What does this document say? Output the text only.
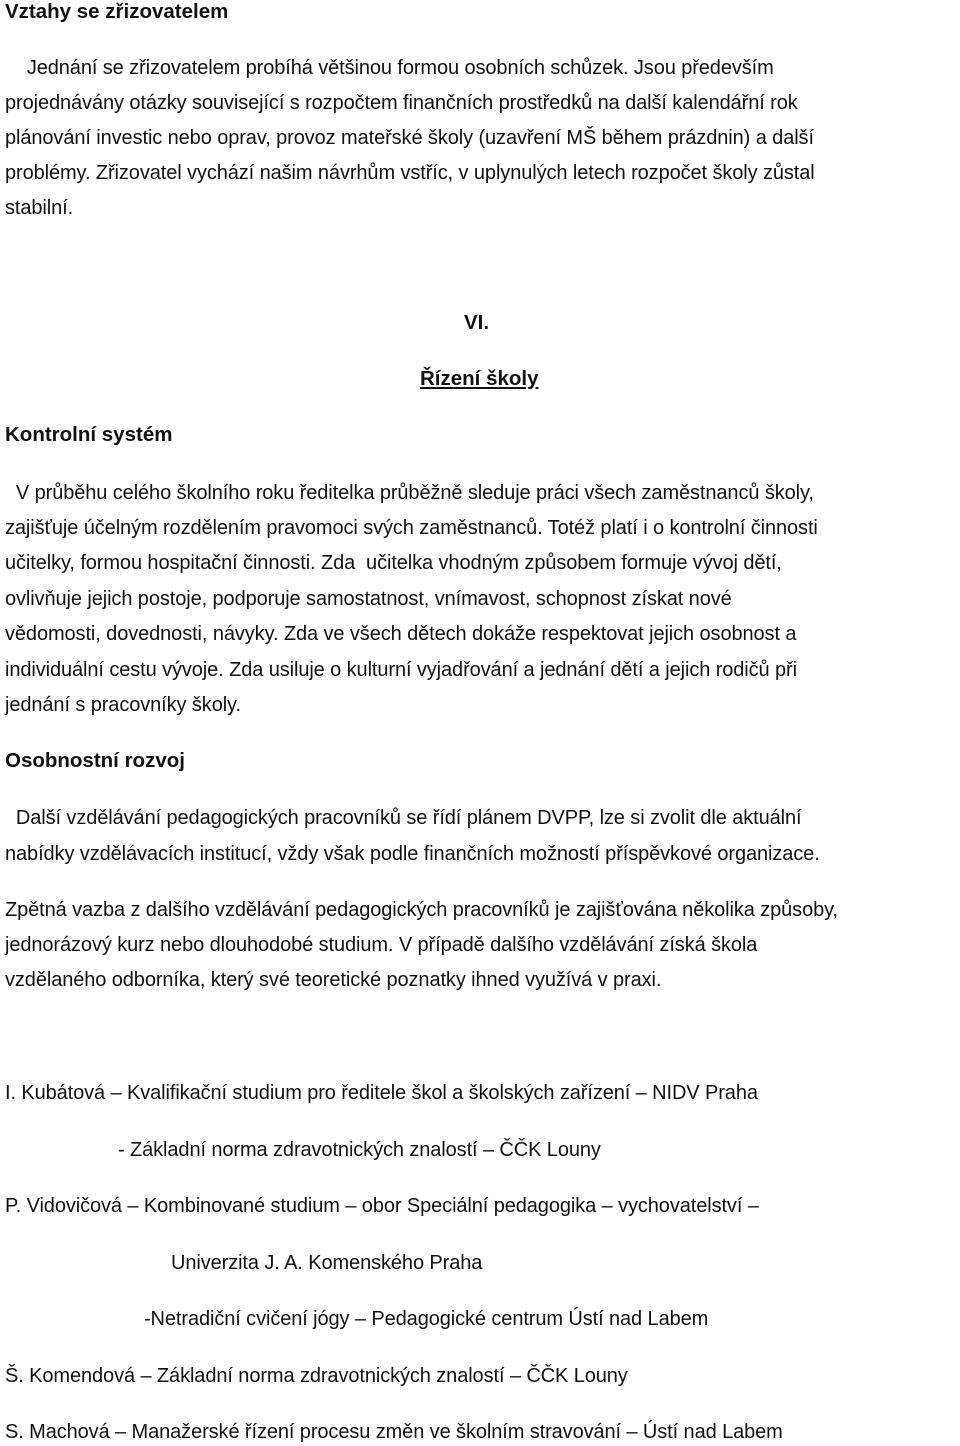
Vztahy se zřizovatelem
Jednání se zřizovatelem probíhá většinou formou osobních schůzek. Jsou především
projednávány otázky související s rozpočtem finančních prostředků na další kalendářní rok
plánování investic nebo oprav, provoz mateřské školy (uzavření MŠ během prázdnin) a další
problémy. Zřizovatel vychází našim návrhům vstříc, v uplynulých letech rozpočet školy zůstal
stabilní.
VI.
Řízení školy
Kontrolní systém
V průběhu celého školního roku ředitelka průběžně sleduje práci všech zaměstnanců školy,
zajišťuje účelným rozdělením pravomoci svých zaměstnanců. Totéž platí i o kontrolní činnosti
učitelky, formou hospitační činnosti. Zda  učitelka vhodným způsobem formuje vývoj dětí,
ovlivňuje jejich postoje, podporuje samostatnost, vnímavost, schopnost získat nové
vědomosti, dovednosti, návyky. Zda ve všech dětech dokáže respektovat jejich osobnost a
individuální cestu vývoje. Zda usiluje o kulturní vyjadřování a jednání dětí a jejich rodičů při
jednání s pracovníky školy.
Osobnostní rozvoj
Další vzdělávání pedagogických pracovníků se řídí plánem DVPP, lze si zvolit dle aktuální
nabídky vzdělávacích institucí, vždy však podle finančních možností příspěvkové organizace.
Zpětná vazba z dalšího vzdělávání pedagogických pracovníků je zajišťována několika způsoby,
jednorázový kurz nebo dlouhodobé studium. V případě dalšího vzdělávání získá škola
vzdělaného odborníka, který své teoretické poznatky ihned využívá v praxi.
I. Kubátová – Kvalifikační studium pro ředitele škol a školských zařízení – NIDV Praha
- Základní norma zdravotnických znalostí – ČČK Louny
P. Vidovičová – Kombinované studium – obor Speciální pedagogika – vychovatelství –
Univerzita J. A. Komenského Praha
-Netradiční cvičení jógy – Pedagogické centrum Ústí nad Labem
Š. Komendová – Základní norma zdravotnických znalostí – ČČK Louny
S. Machová – Manažerské řízení procesu změn ve školním stravování – Ústí nad Labem
